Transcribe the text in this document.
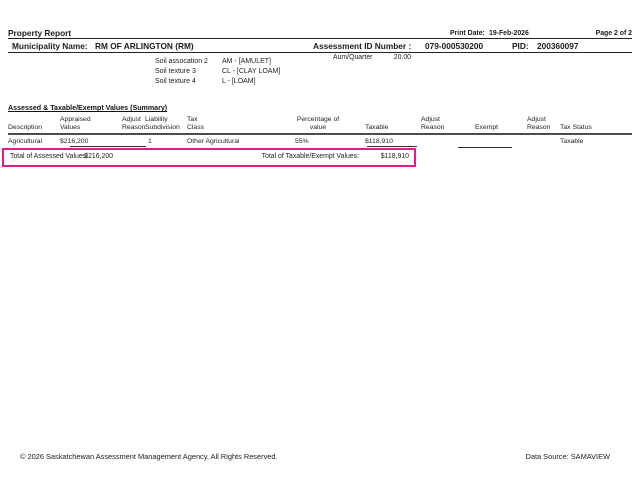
Property Report	Print Date: 19-Feb-2026	Page 2 of 2
Municipality Name: RM OF ARLINGTON (RM)	Assessment ID Number : 079-000530200	PID: 200360097
Aum/Quarter	20.00
Soil assocation 2 AM - [AMULET]
Soil texture 3	CL - [CLAY LOAM]
Soil texture 4	L - [LOAM]
Assessed & Taxable/Exempt Values (Summary)
Description	Appraised Values	Adjust Reason	Liability Subdivision	Tax Class	Percentage of value	Taxable	Adjust Reason	Exempt	Adjust Reason	Tax Status
Agricultural	$216,200		1	Other Agricultural	55%	$118,910				Taxable
Total of Assessed Values:
$216,200	Total of Taxable/Exempt Values:	$118,910
© 2026 Saskatchewan Assessment Management Agency, All Rights Reserved.	Data Source: SAMAVIEW
